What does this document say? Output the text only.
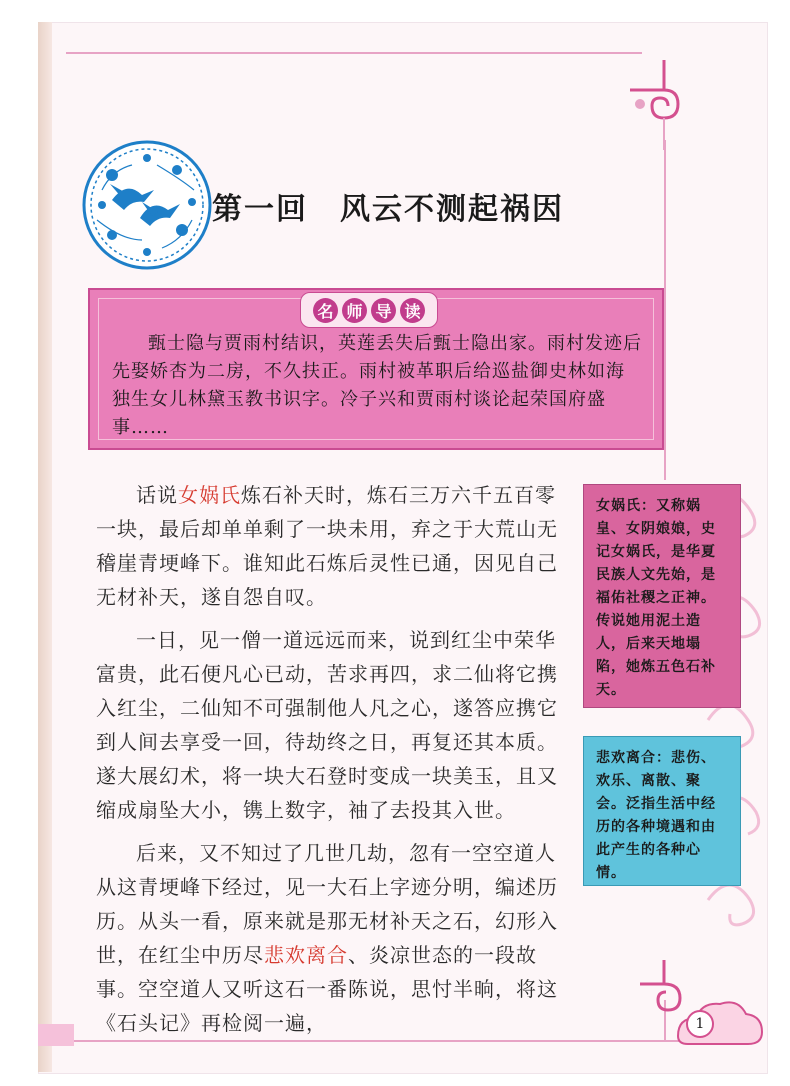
第一回　风云不测起祸因
名 师 导 读
甄士隐与贾雨村结识，英莲丢失后甄士隐出家。雨村发迹后先娶娇杏为二房，不久扶正。雨村被革职后给巡盐御史林如海独生女儿林黛玉教书识字。冷子兴和贾雨村谈论起荣国府盛事……

话说女娲氏炼石补天时，炼石三万六千五百零一块，最后却单单剩了一块未用，弃之于大荒山无稽崖青埂峰下。谁知此石炼后灵性已通，因见自己无材补天，遂自怨自叹。

一日，见一僧一道远远而来，说到红尘中荣华富贵，此石便凡心已动，苦求再四，求二仙将它携入红尘，二仙知不可强制他人凡之心，遂答应携它到人间去享受一回，待劫终之日，再复还其本质。遂大展幻术，将一块大石登时变成一块美玉，且又缩成扇坠大小，镌上数字，袖了去投其入世。

后来，又不知过了几世几劫，忽有一空空道人从这青埂峰下经过，见一大石上字迹分明，编述历历。从头一看，原来就是那无材补天之石，幻形入世，在红尘中历尽悲欢离合、炎凉世态的一段故事。空空道人又听这石一番陈说，思忖半晌，将这《石头记》再检阅一遍，

女娲氏：又称娲皇、女阴娘娘，史记女娲氏，是华夏民族人文先始，是福佑社稷之正神。传说她用泥土造人，后来天地塌陷，她炼五色石补天。
悲欢离合：悲伤、欢乐、离散、聚会。泛指生活中经历的各种境遇和由此产生的各种心情。
1
